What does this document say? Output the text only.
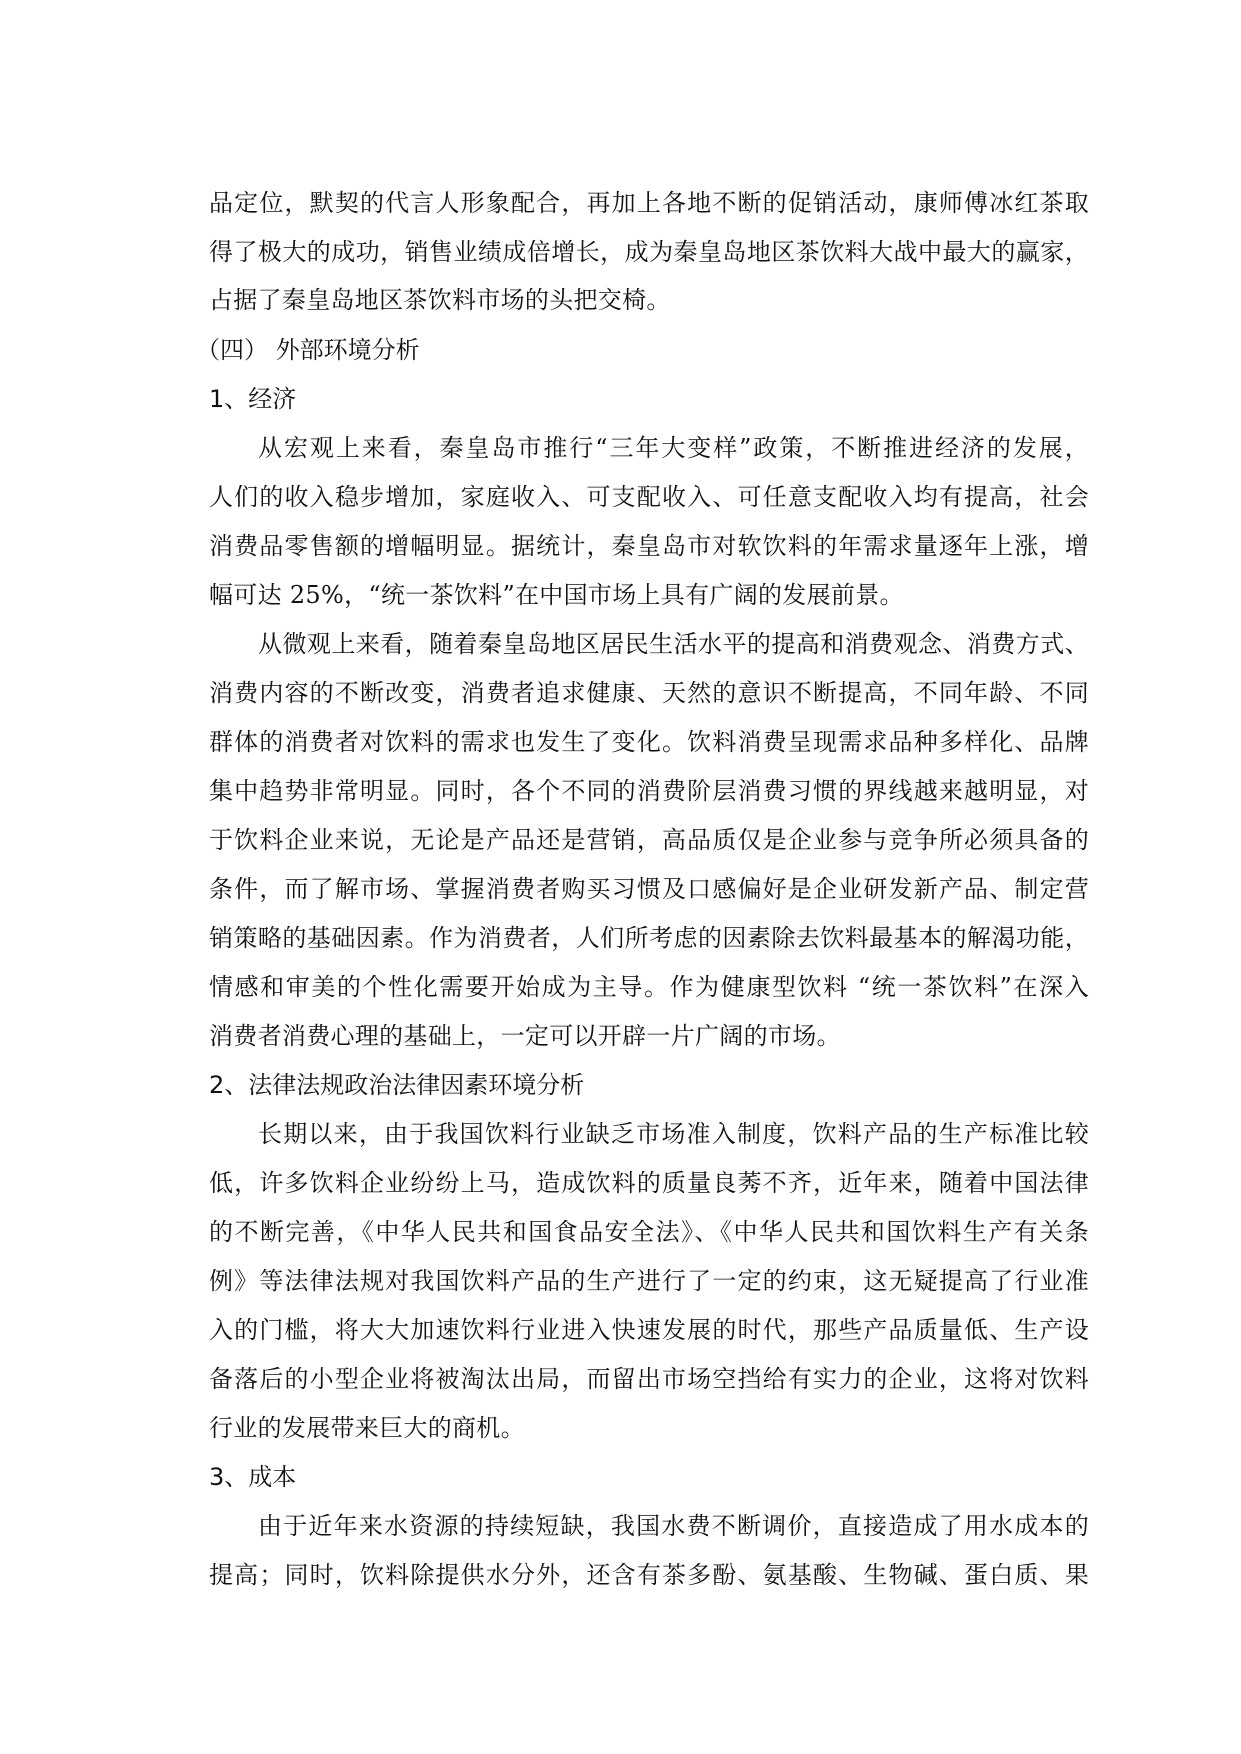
品定位，默契的代言人形象配合，再加上各地不断的促销活动，康师傅冰红茶取
得了极大的成功，销售业绩成倍增长，成为秦皇岛地区茶饮料大战中最大的赢家，
占据了秦皇岛地区茶饮料市场的头把交椅。
（四） 外部环境分析
1、经济
从宏观上来看，秦皇岛市推行“三年大变样”政策，不断推进经济的发展，
人们的收入稳步增加，家庭收入、可支配收入、可任意支配收入均有提高，社会
消费品零售额的增幅明显。据统计，秦皇岛市对软饮料的年需求量逐年上涨，增
幅可达 25%，“统一茶饮料”在中国市场上具有广阔的发展前景。
从微观上来看，随着秦皇岛地区居民生活水平的提高和消费观念、消费方式、
消费内容的不断改变，消费者追求健康、天然的意识不断提高，不同年龄、不同
群体的消费者对饮料的需求也发生了变化。饮料消费呈现需求品种多样化、品牌
集中趋势非常明显。同时，各个不同的消费阶层消费习惯的界线越来越明显，对
于饮料企业来说，无论是产品还是营销，高品质仅是企业参与竞争所必须具备的
条件，而了解市场、掌握消费者购买习惯及口感偏好是企业研发新产品、制定营
销策略的基础因素。作为消费者，人们所考虑的因素除去饮料最基本的解渴功能，
情感和审美的个性化需要开始成为主导。作为健康型饮料 “统一茶饮料”在深入
消费者消费心理的基础上，一定可以开辟一片广阔的市场。
2、法律法规政治法律因素环境分析
长期以来，由于我国饮料行业缺乏市场准入制度，饮料产品的生产标准比较
低，许多饮料企业纷纷上马，造成饮料的质量良莠不齐，近年来，随着中国法律
的不断完善，《中华人民共和国食品安全法》、《中华人民共和国饮料生产有关条
例》等法律法规对我国饮料产品的生产进行了一定的约束，这无疑提高了行业准
入的门槛，将大大加速饮料行业进入快速发展的时代，那些产品质量低、生产设
备落后的小型企业将被淘汰出局，而留出市场空挡给有实力的企业，这将对饮料
行业的发展带来巨大的商机。
3、成本
由于近年来水资源的持续短缺，我国水费不断调价，直接造成了用水成本的
提高；同时，饮料除提供水分外，还含有茶多酚、氨基酸、生物碱、蛋白质、果
